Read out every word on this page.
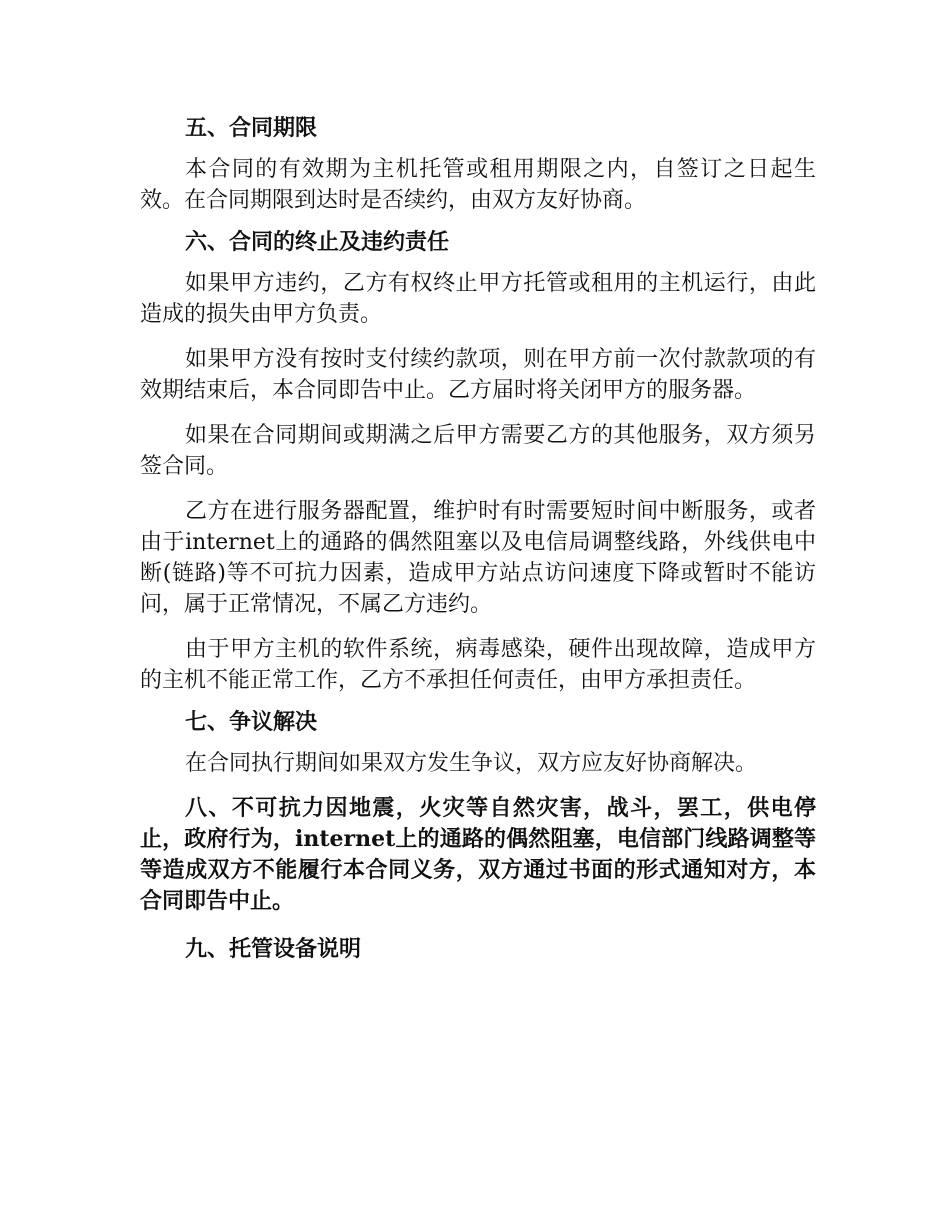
五、合同期限

本合同的有效期为主机托管或租用期限之内，自签订之日起生效。在合同期限到达时是否续约，由双方友好协商。

六、合同的终止及违约责任

如果甲方违约，乙方有权终止甲方托管或租用的主机运行，由此造成的损失由甲方负责。

如果甲方没有按时支付续约款项，则在甲方前一次付款款项的有效期结束后，本合同即告中止。乙方届时将关闭甲方的服务器。

如果在合同期间或期满之后甲方需要乙方的其他服务，双方须另签合同。

乙方在进行服务器配置，维护时有时需要短时间中断服务，或者由于internet上的通路的偶然阻塞以及电信局调整线路，外线供电中断(链路)等不可抗力因素，造成甲方站点访问速度下降或暂时不能访问，属于正常情况，不属乙方违约。

由于甲方主机的软件系统，病毒感染，硬件出现故障，造成甲方的主机不能正常工作，乙方不承担任何责任，由甲方承担责任。

七、争议解决

在合同执行期间如果双方发生争议，双方应友好协商解决。

八、不可抗力因地震，火灾等自然灾害，战斗，罢工，供电停止，政府行为，internet上的通路的偶然阻塞，电信部门线路调整等等造成双方不能履行本合同义务，双方通过书面的形式通知对方，本合同即告中止。

九、托管设备说明
